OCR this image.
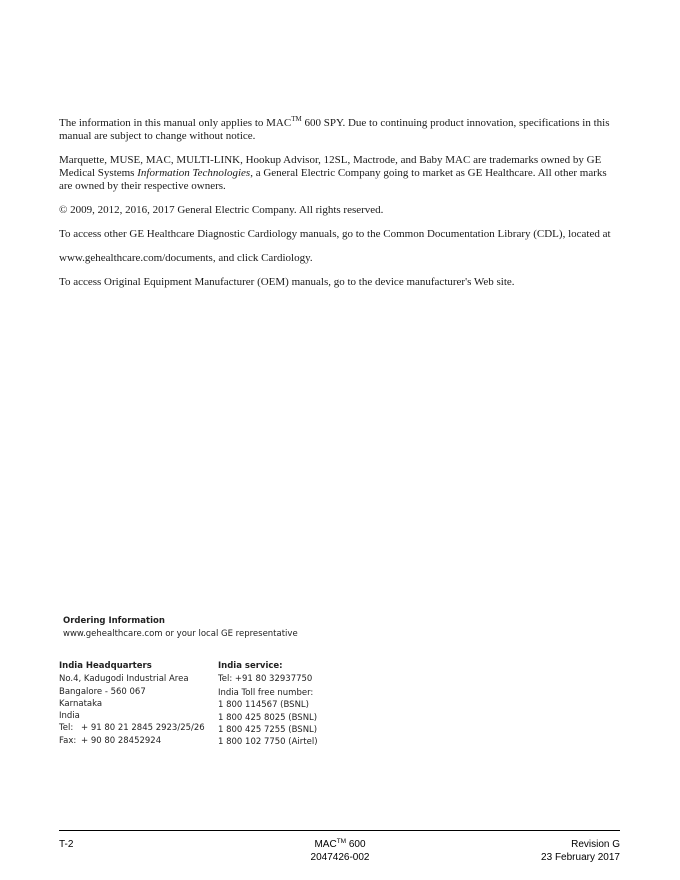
The information in this manual only applies to MAC™ 600 SPY. Due to continuing product innovation, specifications in this manual are subject to change without notice.

Marquette, MUSE, MAC, MULTI-LINK, Hookup Advisor, 12SL, Mactrode, and Baby MAC are trademarks owned by GE Medical Systems Information Technologies, a General Electric Company going to market as GE Healthcare. All other marks are owned by their respective owners.

© 2009, 2012, 2016, 2017 General Electric Company. All rights reserved.

To access other GE Healthcare Diagnostic Cardiology manuals, go to the Common Documentation Library (CDL), located at

www.gehealthcare.com/documents, and click Cardiology.

To access Original Equipment Manufacturer (OEM) manuals, go to the device manufacturer's Web site.

Ordering Information
www.gehealthcare.com or your local GE representative
India Headquarters
No.4, Kadugodi Industrial Area
Bangalore - 560 067
Karnataka
India
Tel: + 91 80 21 2845 2923/25/26
Fax: + 90 80 28452924
India service:
Tel: +91 80 32937750
India Toll free number:
1 800 114567 (BSNL)
1 800 425 8025 (BSNL)
1 800 425 7255 (BSNL)
1 800 102 7750 (Airtel)
T-2	MAC™ 600
2047426-002
Revision G
23 February 2017
